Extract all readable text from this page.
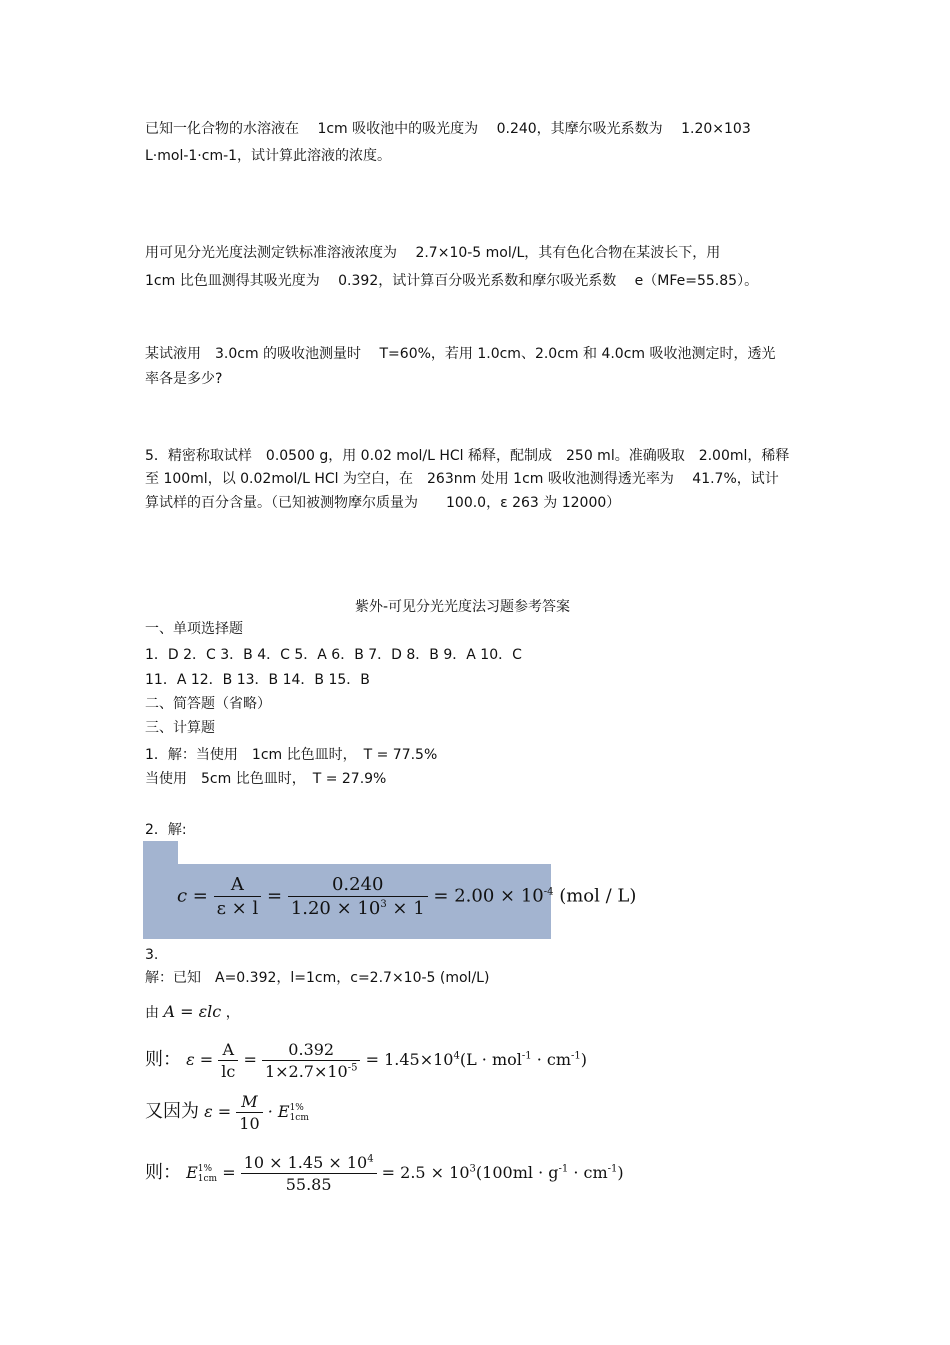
已知一化合物的水溶液在　 1cm 吸收池中的吸光度为　 0.240，其摩尔吸光系数为　 1.20×103
L·mol-1·cm-1，试计算此溶液的浓度。
用可见分光光度法测定铁标准溶液浓度为　 2.7×10-5 mol/L，其有色化合物在某波长下，用
1cm 比色皿测得其吸光度为　 0.392，试计算百分吸光系数和摩尔吸光系数　 e（MFe=55.85）。
某试液用　3.0cm 的吸收池测量时　 T=60%，若用 1.0cm、2.0cm 和 4.0cm 吸收池测定时，透光
率各是多少?
5．精密称取试样　0.0500 g，用 0.02 mol/L HCl 稀释，配制成　250 ml。准确吸取　2.00ml，稀释
至 100ml，以 0.02mol/L HCl 为空白，在　263nm 处用 1cm 吸收池测得透光率为　 41.7%，试计
算试样的百分含量。（已知被测物摩尔质量为　　100.0，ε 263 为 12000）
紫外-可见分光光度法习题参考答案
一、单项选择题
1．D 2．C 3．B 4．C 5．A 6．B 7．D 8．B 9．A 10．C
11．A 12．B 13．B 14．B 15．B
二、简答题（省略）
三、计算题
1．解：当使用　1cm 比色皿时，　T = 77.5%
当使用　5cm 比色皿时，　T = 27.9%
2．解:
$c = \frac{A}{\varepsilon \times l} = \frac{0.240}{1.20 \times 10^3 \times 1} = 2.00 \times 10^{-4}$ (mol / L)
3.
解：已知　A=0.392，l=1cm，c=2.7×10-5 (mol/L)
由 A = εlc ，
则： $\varepsilon = \frac{A}{lc} = \frac{0.392}{1\times 2.7\times 10^{-5}} = 1.45\times 10^4(L \cdot mol^{-1} \cdot cm^{-1})$
又因为 $\varepsilon = \frac{M}{10} \cdot E$ 1%
1cm
则： E 1%
$1cm = \frac{10 \times 1.45 \times 10^4}{55.85} = 2.5 \times 10^3(100ml \cdot g^{-1} \cdot cm^{-1})$
